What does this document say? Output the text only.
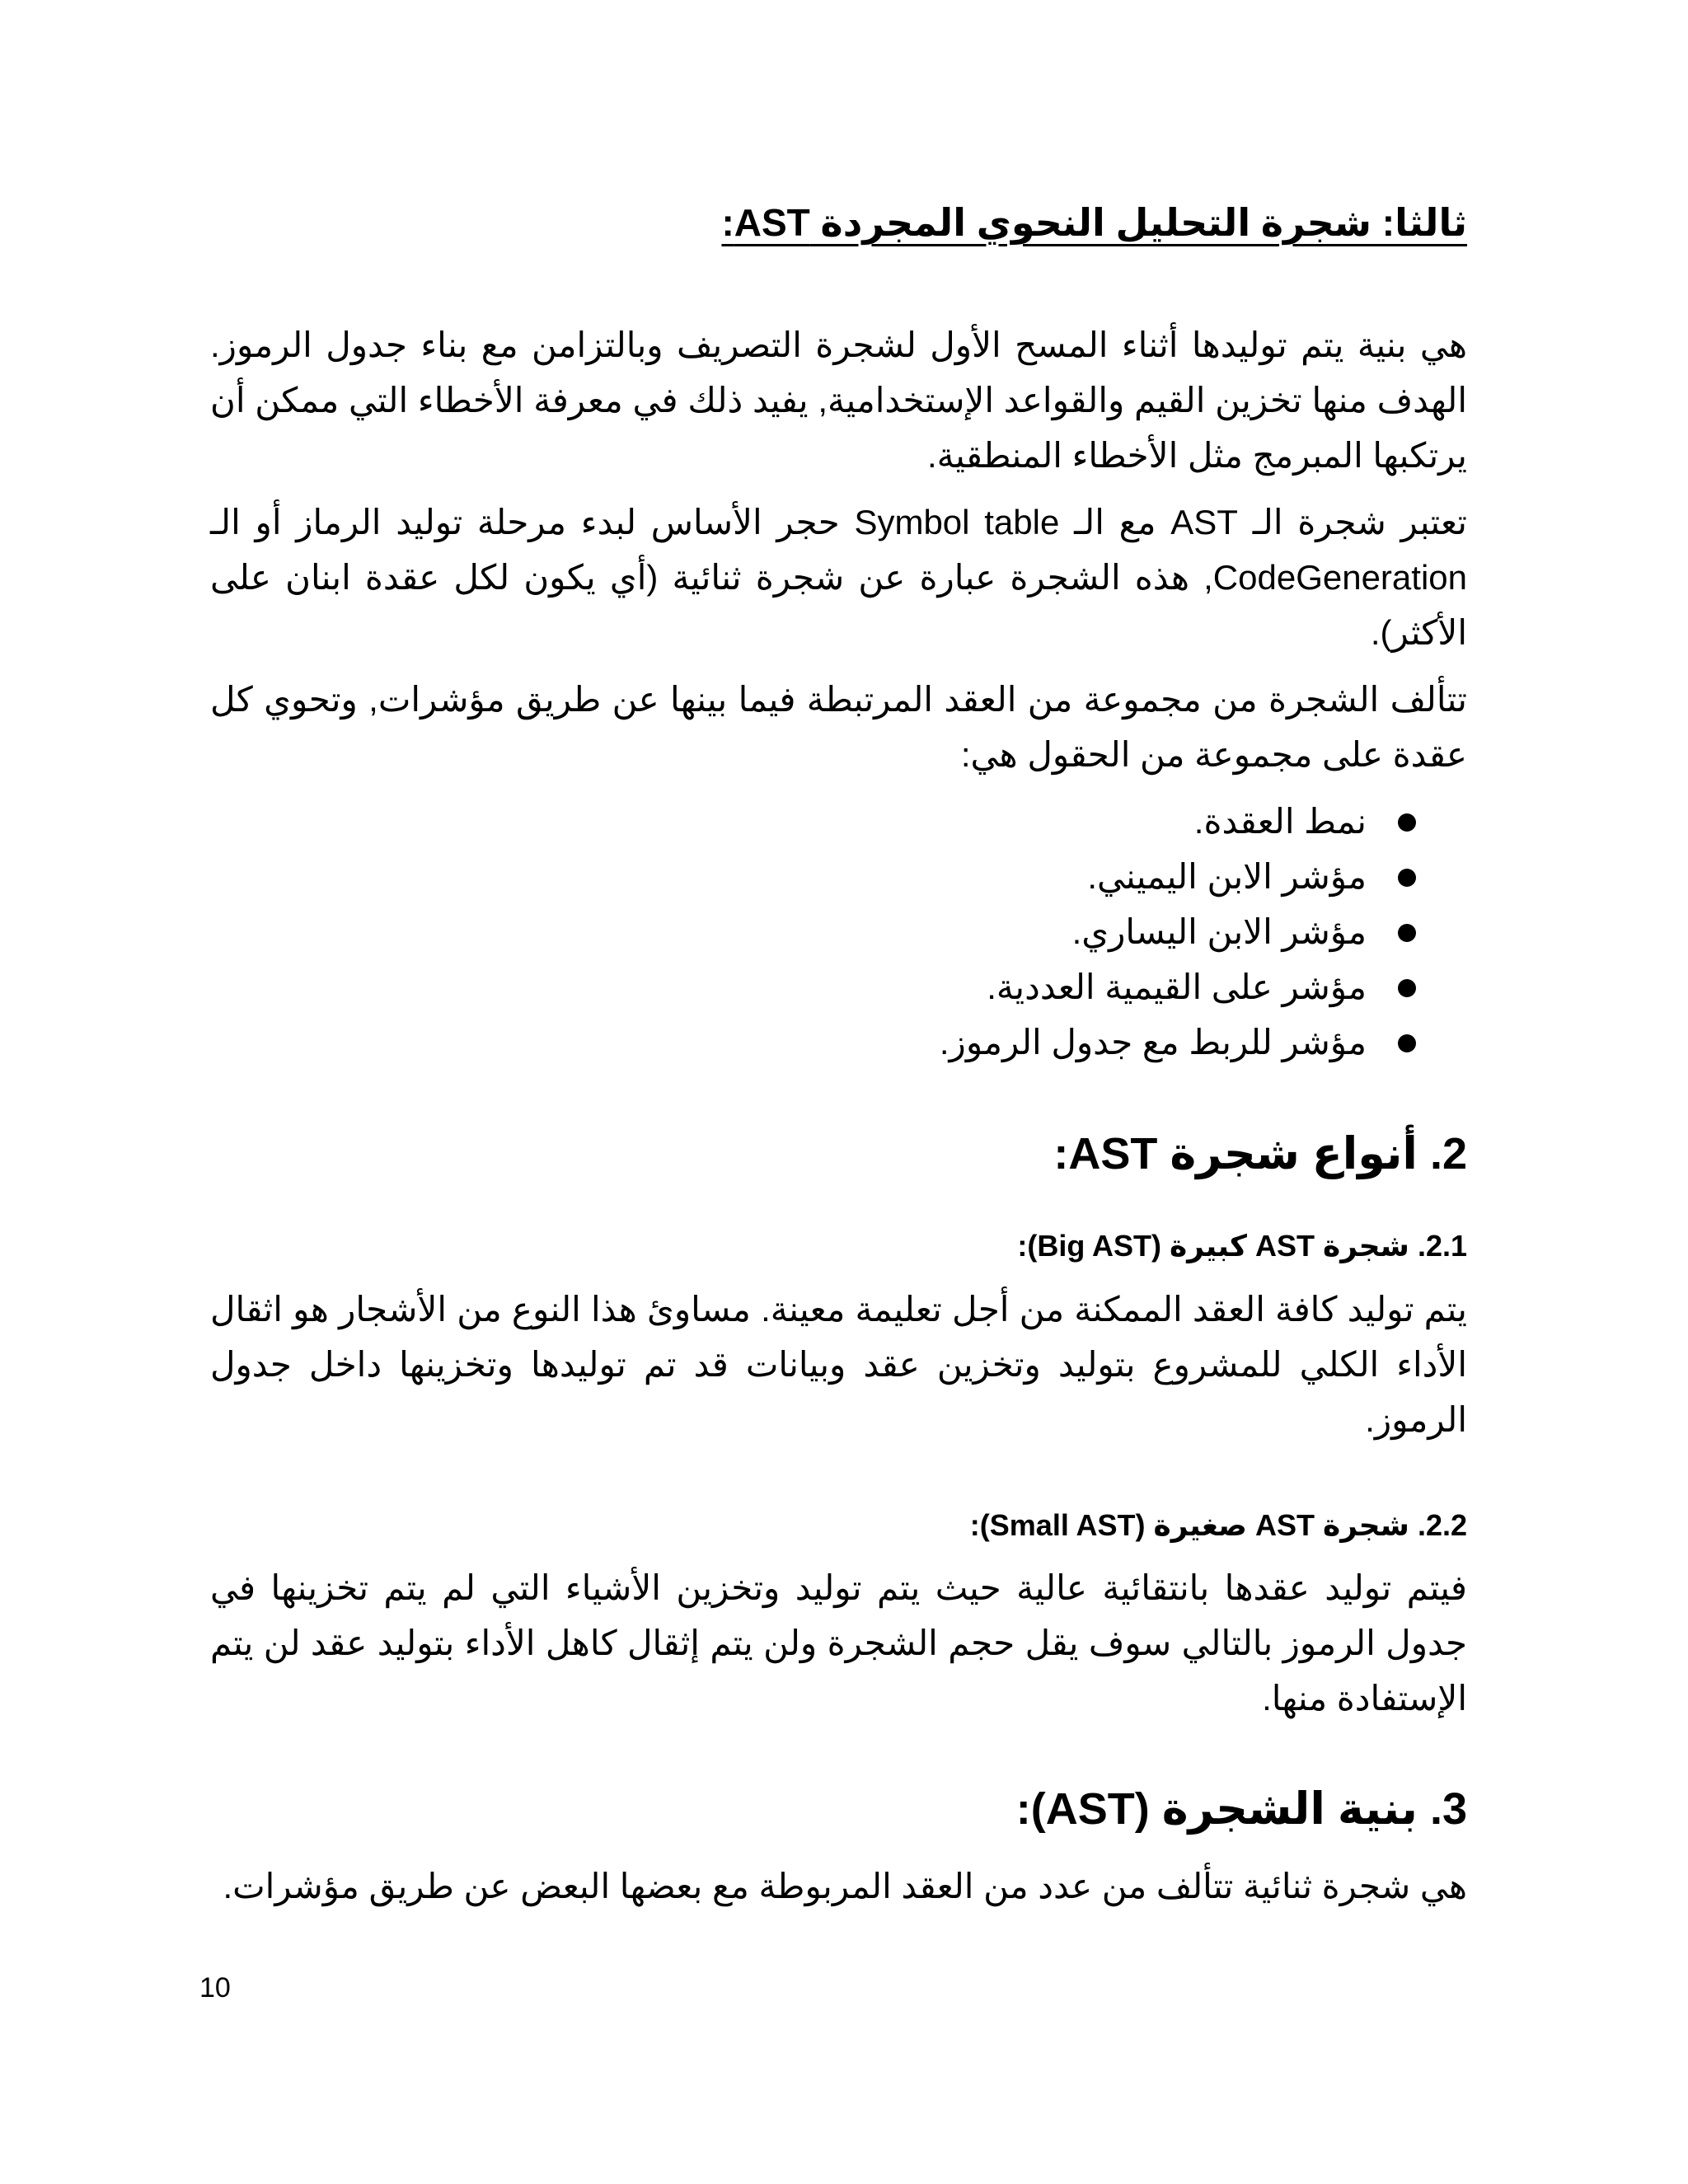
ثالثا: شجرة التحليل النحوي المجردة AST:
هي بنية يتم توليدها أثناء المسح الأول لشجرة التصريف وبالتزامن مع بناء جدول الرموز. الهدف منها تخزين القيم والقواعد الإستخدامية, يفيد ذلك في معرفة الأخطاء التي ممكن أن يرتكبها المبرمج مثل الأخطاء المنطقية.
تعتبر شجرة الـ AST مع الـ Symbol table حجر الأساس لبدء مرحلة توليد الرماز أو الـ CodeGeneration, هذه الشجرة عبارة عن شجرة ثنائية (أي يكون لكل عقدة ابنان على الأكثر).
تتألف الشجرة من مجموعة من العقد المرتبطة فيما بينها عن طريق مؤشرات, وتحوي كل عقدة على مجموعة من الحقول هي:
نمط العقدة.
مؤشر الابن اليميني.
مؤشر الابن اليساري.
مؤشر على القيمية العددية.
مؤشر للربط مع جدول الرموز.
2. أنواع شجرة AST:
2.1. شجرة AST كبيرة (Big AST):
يتم توليد كافة العقد الممكنة من أجل تعليمة معينة. مساوئ هذا النوع من الأشجار هو اثقال الأداء الكلي للمشروع بتوليد وتخزين عقد وبيانات قد تم توليدها وتخزينها داخل جدول الرموز.
2.2. شجرة AST صغيرة (Small AST):
فيتم توليد عقدها بانتقائية عالية حيث يتم توليد وتخزين الأشياء التي لم يتم تخزينها في جدول الرموز بالتالي سوف يقل حجم الشجرة ولن يتم إثقال كاهل الأداء بتوليد عقد لن يتم الإستفادة منها.
3. بنية الشجرة (AST):
هي شجرة ثنائية تتألف من عدد من العقد المربوطة مع بعضها البعض عن طريق مؤشرات.
10
